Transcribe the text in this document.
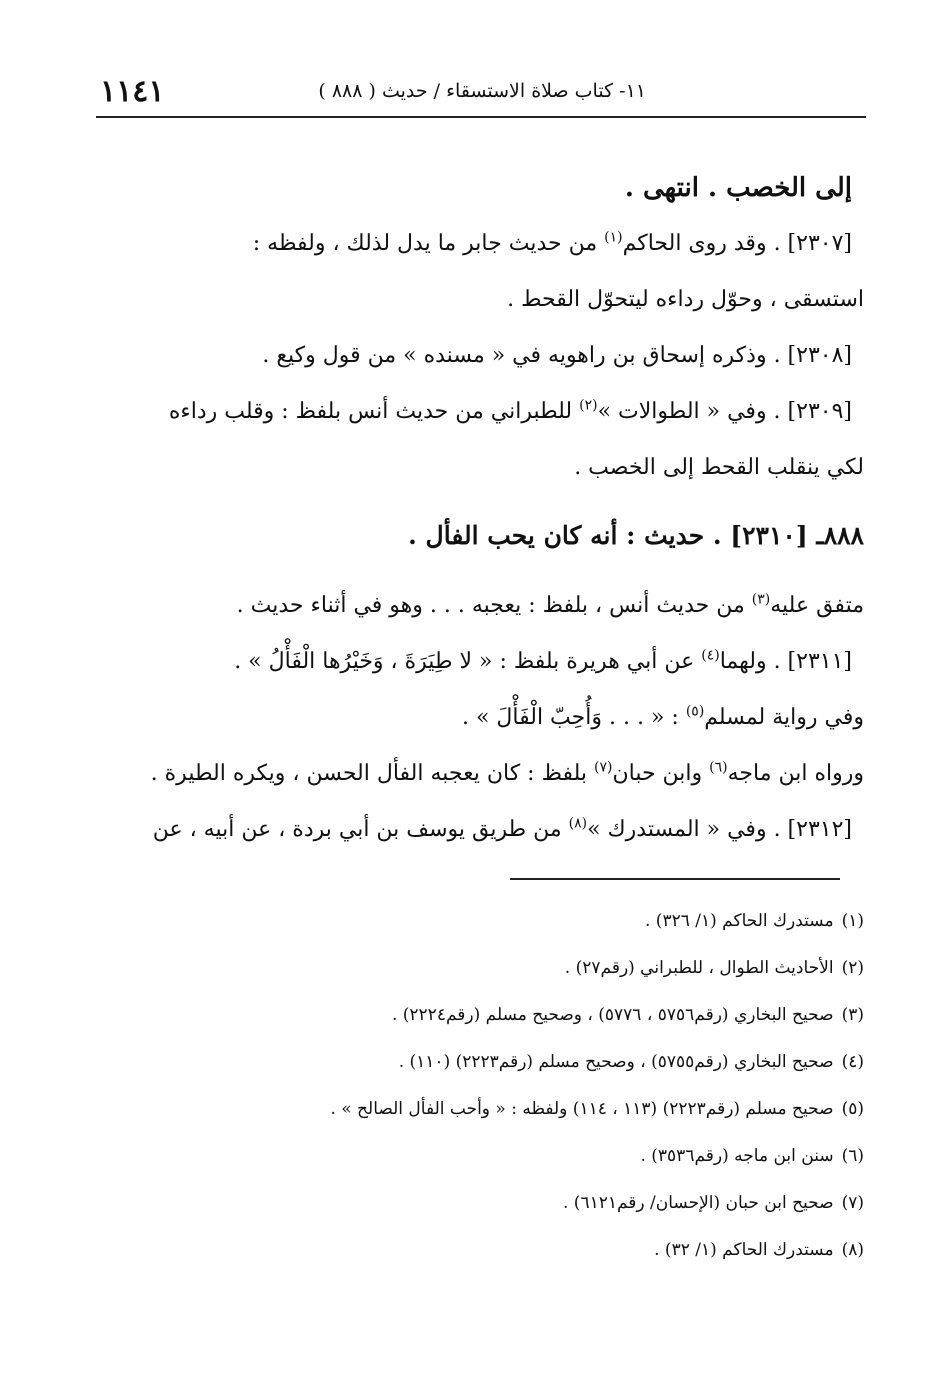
١١٤١	١١- كتاب صلاة الاستسقاء / حديث ( ٨٨٨ )
إلى الخصب . انتهى .
[٢٣٠٧] . وقد روى الحاكم$^{(١)}$ من حديث جابر ما يدل لذلك ، ولفظه :
استسقى ، وحوّل رداءه ليتحوّل القحط .
[٢٣٠٨] . وذكره إسحاق بن راهويه في « مسنده » من قول وكيع .
[٢٣٠٩] . وفي « الطوالات »$^{(٢)}$ للطبراني من حديث أنس بلفظ : وقلب رداءه
لكي ينقلب القحط إلى الخصب .
٨٨٨ـ [٢٣١٠] . حديث : أنه كان يحب الفأل .
متفق عليه$^{(٣)}$ من حديث أنس ، بلفظ : يعجبه . . . وهو في أثناء حديث .
[٢٣١١] . ولهما$^{(٤)}$ عن أبي هريرة بلفظ : « لا طِيَرَةَ ، وَخَيْرُها الْفَأْلُ » .
وفي رواية لمسلم$^{(٥)}$ : « . . . وَأُحِبّ الْفَأْلَ » .
ورواه ابن ماجه$^{(٦)}$ وابن حبان$^{(٧)}$ بلفظ : كان يعجبه الفأل الحسن ، ويكره الطيرة .
[٢٣١٢] . وفي « المستدرك »$^{(٨)}$ من طريق يوسف بن أبي بردة ، عن أبيه ، عن
(١)مستدرك الحاكم (١/ ٣٢٦) .
(٢)الأحاديث الطوال ، للطبراني (رقم٢٧) .
(٣)صحيح البخاري (رقم٥٧٥٦ ، ٥٧٧٦) ، وصحيح مسلم (رقم٢٢٢٤) .
(٤)صحيح البخاري (رقم٥٧٥٥) ، وصحيح مسلم (رقم٢٢٢٣) (١١٠) .
(٥)صحيح مسلم (رقم٢٢٢٣) (١١٣ ، ١١٤) ولفظه : « وأحب الفأل الصالح » .
(٦)سنن ابن ماجه (رقم٣٥٣٦) .
(٧)صحيح ابن حبان (الإحسان/ رقم٦١٢١) .
(٨)مستدرك الحاكم (١/ ٣٢) .
